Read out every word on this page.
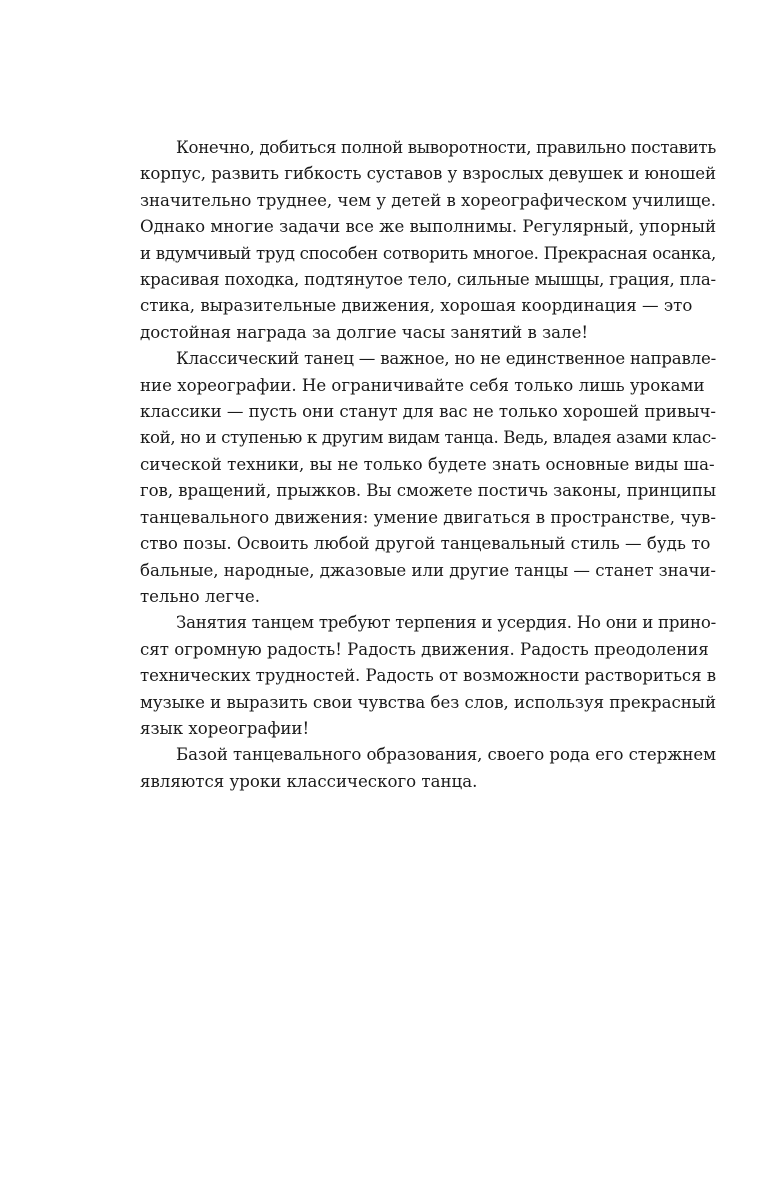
Конечно, добиться полной выворотности, правильно поставить
корпус, развить гибкость суставов у взрослых девушек и юношей
значительно труднее, чем у детей в хореографическом училище.
Однако многие задачи все же выполнимы. Регулярный, упорный
и вдумчивый труд способен сотворить многое. Прекрасная осанка,
красивая походка, подтянутое тело, сильные мышцы, грация, пла-
стика, выразительные движения, хорошая координация — это
достойная награда за долгие часы занятий в зале!
Классический танец — важное, но не единственное направле-
ние хореографии. Не ограничивайте себя только лишь уроками
классики — пусть они станут для вас не только хорошей привыч-
кой, но и ступенью к другим видам танца. Ведь, владея азами клас-
сической техники, вы не только будете знать основные виды ша-
гов, вращений, прыжков. Вы сможете постичь законы, принципы
танцевального движения: умение двигаться в пространстве, чув-
ство позы. Освоить любой другой танцевальный стиль — будь то
бальные, народные, джазовые или другие танцы — станет значи-
тельно легче.
Занятия танцем требуют терпения и усердия. Но они и прино-
сят огромную радость! Радость движения. Радость преодоления
технических трудностей. Радость от возможности раствориться в
музыке и выразить свои чувства без слов, используя прекрасный
язык хореографии!
Базой танцевального образования, своего рода его стержнем
являются уроки классического танца.
